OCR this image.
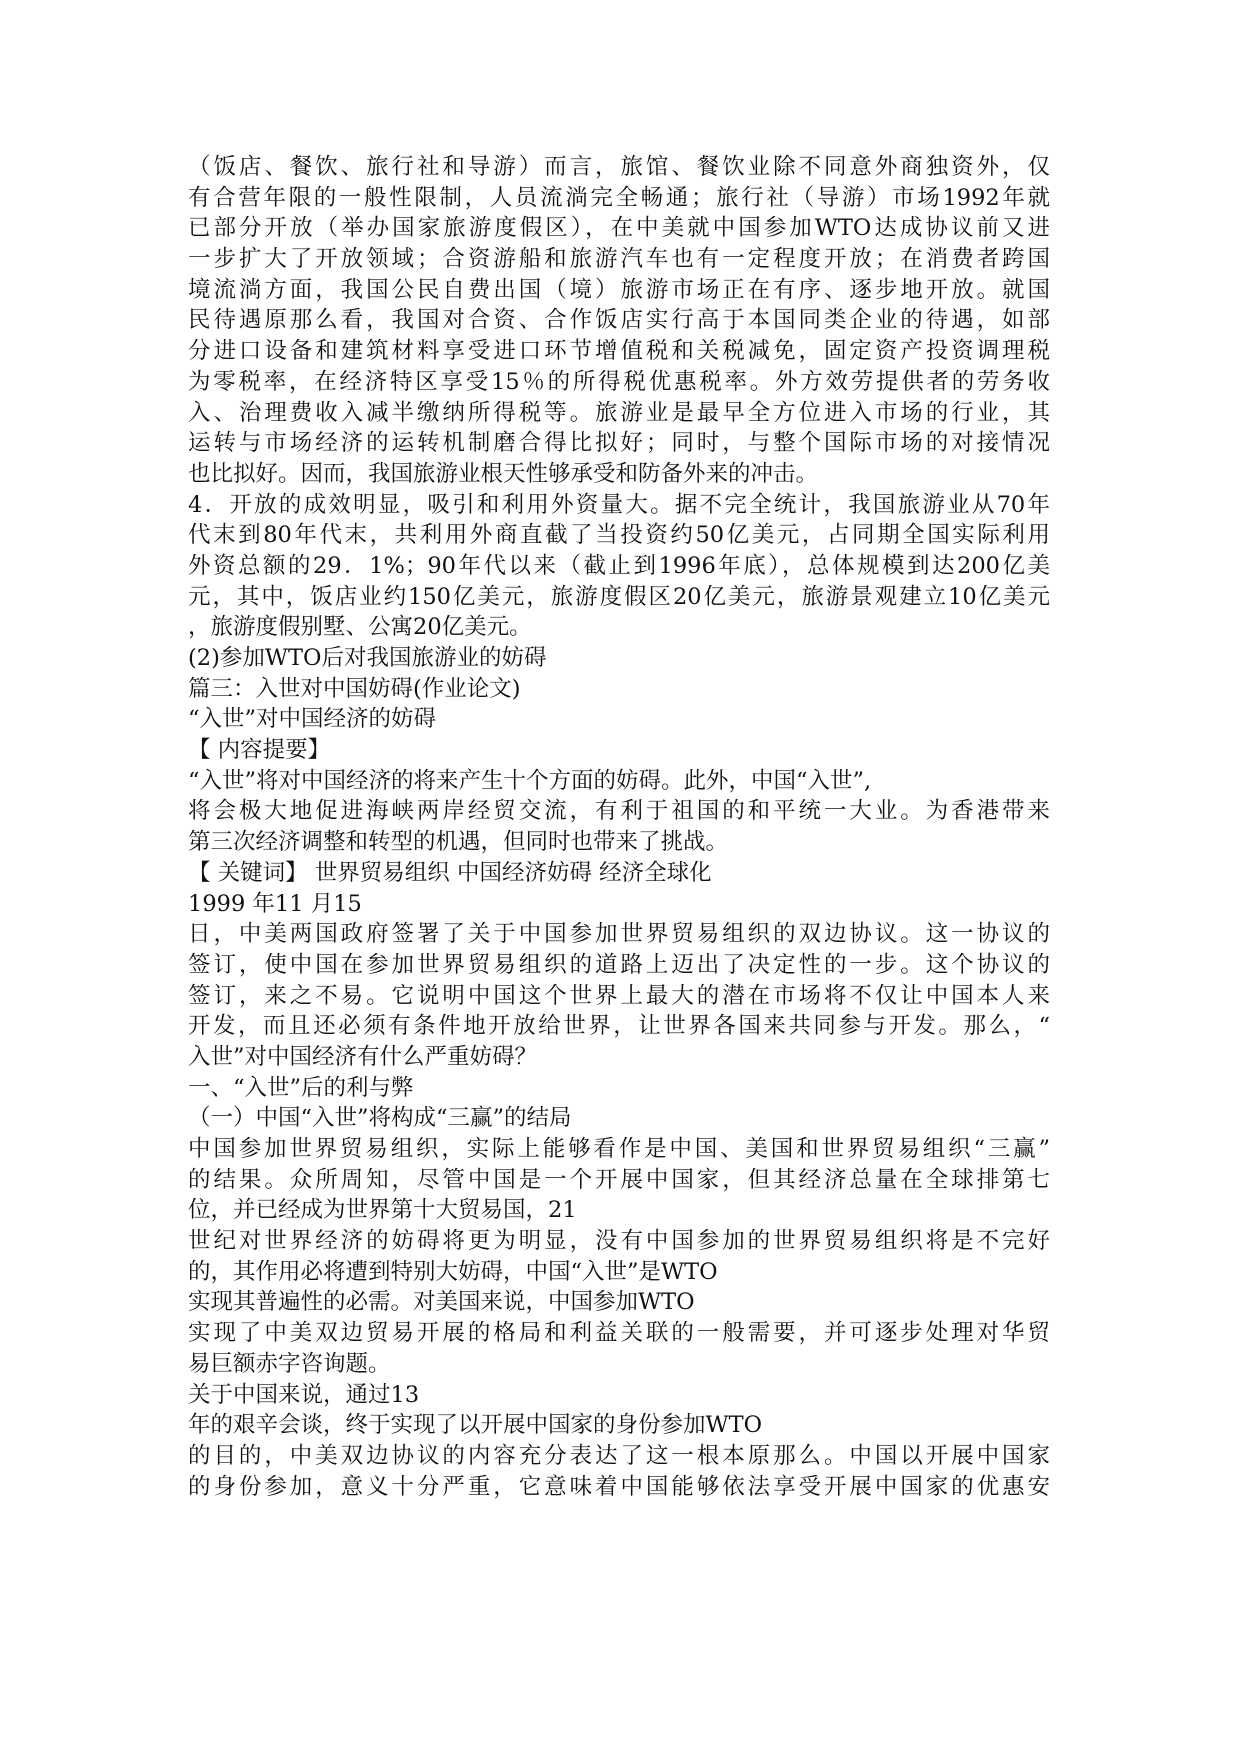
（饭店、餐饮、旅行社和导游）而言，旅馆、餐饮业除不同意外商独资外，仅
有合营年限的一般性限制，人员流淌完全畅通；旅行社（导游）市场1992年就
已部分开放（举办国家旅游度假区），在中美就中国参加WTO达成协议前又进
一步扩大了开放领域；合资游船和旅游汽车也有一定程度开放；在消费者跨国
境流淌方面，我国公民自费出国（境）旅游市场正在有序、逐步地开放。就国
民待遇原那么看，我国对合资、合作饭店实行高于本国同类企业的待遇，如部
分进口设备和建筑材料享受进口环节增值税和关税减免，固定资产投资调理税
为零税率，在经济特区享受15％的所得税优惠税率。外方效劳提供者的劳务收
入、治理费收入减半缴纳所得税等。旅游业是最早全方位进入市场的行业，其
运转与市场经济的运转机制磨合得比拟好；同时，与整个国际市场的对接情况
也比拟好。因而，我国旅游业根天性够承受和防备外来的冲击。
4．开放的成效明显，吸引和利用外资量大。据不完全统计，我国旅游业从70年
代末到80年代末，共利用外商直截了当投资约50亿美元，占同期全国实际利用
外资总额的29．1%；90年代以来（截止到1996年底），总体规模到达200亿美
元，其中，饭店业约150亿美元，旅游度假区20亿美元，旅游景观建立10亿美元
，旅游度假别墅、公寓20亿美元。
(2)参加WTO后对我国旅游业的妨碍
篇三：入世对中国妨碍(作业论文)
“入世”对中国经济的妨碍
【 内容提要】
“入世”将对中国经济的将来产生十个方面的妨碍。此外，中国“入世”,
将会极大地促进海峡两岸经贸交流，有利于祖国的和平统一大业。为香港带来
第三次经济调整和转型的机遇，但同时也带来了挑战。
【 关键词】 世界贸易组织 中国经济妨碍 经济全球化
1999 年11 月15
日，中美两国政府签署了关于中国参加世界贸易组织的双边协议。这一协议的
签订，使中国在参加世界贸易组织的道路上迈出了决定性的一步。这个协议的
签订，来之不易。它说明中国这个世界上最大的潜在市场将不仅让中国本人来
开发，而且还必须有条件地开放给世界，让世界各国来共同参与开发。那么，“
入世”对中国经济有什么严重妨碍？
一、“入世”后的利与弊
（一）中国“入世”将构成“三赢”的结局
中国参加世界贸易组织，实际上能够看作是中国、美国和世界贸易组织“三赢”
的结果。众所周知，尽管中国是一个开展中国家，但其经济总量在全球排第七
位，并已经成为世界第十大贸易国，21
世纪对世界经济的妨碍将更为明显，没有中国参加的世界贸易组织将是不完好
的，其作用必将遭到特别大妨碍，中国“入世”是WTO
实现其普遍性的必需。对美国来说，中国参加WTO
实现了中美双边贸易开展的格局和利益关联的一般需要，并可逐步处理对华贸
易巨额赤字咨询题。
关于中国来说，通过13
年的艰辛会谈，终于实现了以开展中国家的身份参加WTO
的目的，中美双边协议的内容充分表达了这一根本原那么。中国以开展中国家
的身份参加，意义十分严重，它意味着中国能够依法享受开展中国家的优惠安
